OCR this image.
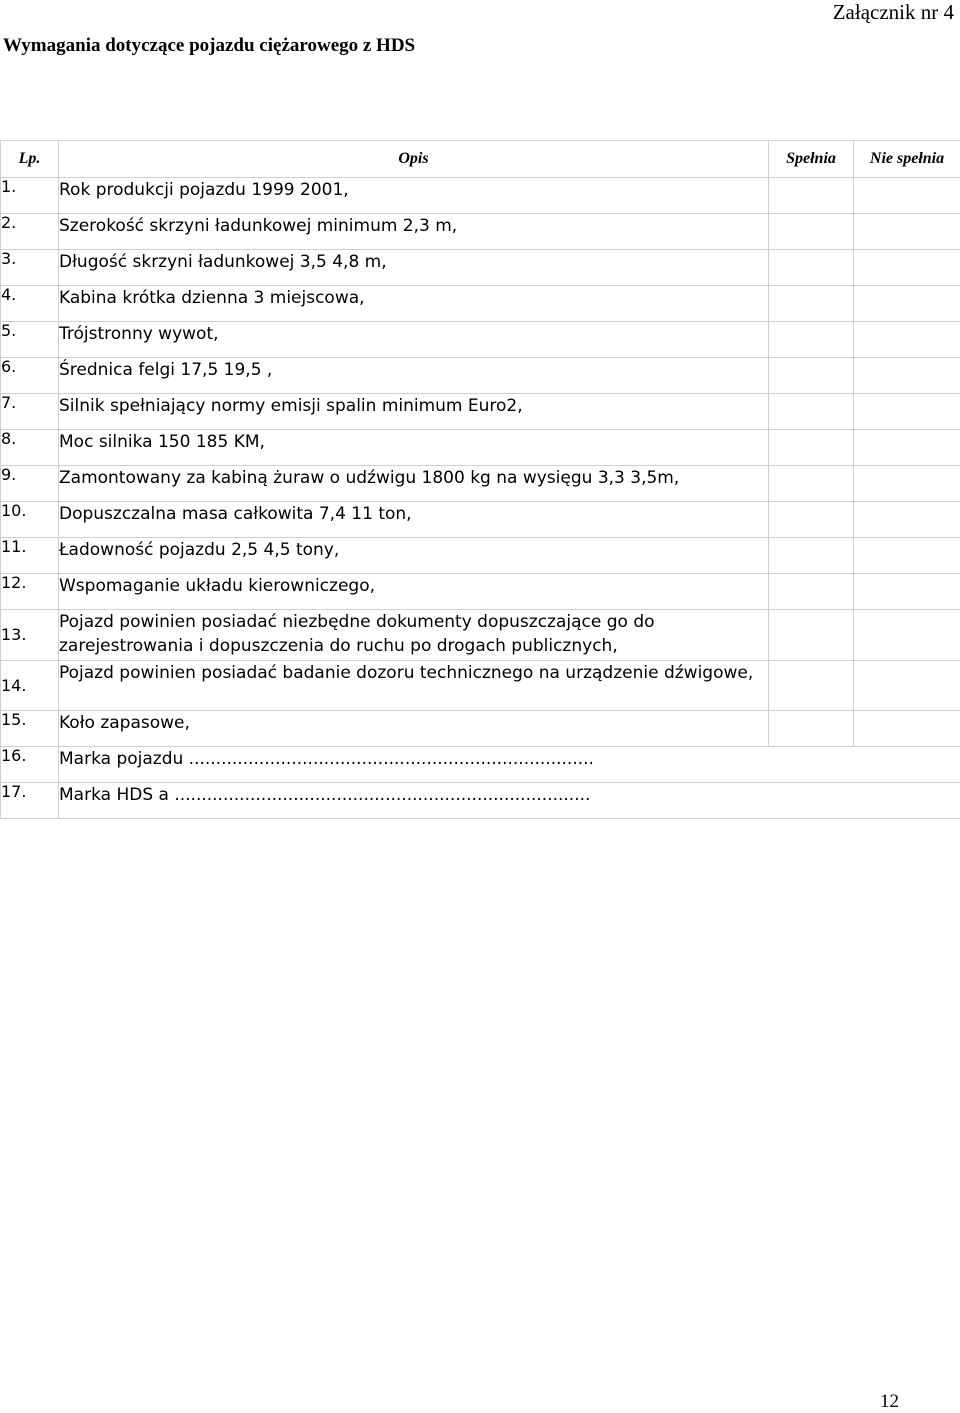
Załącznik nr 4
Wymagania dotyczące pojazdu ciężarowego z HDS
Lp.	Opis	Spełnia	Nie spełnia
1.	Rok produkcji pojazdu 1999 2001,		
2.	Szerokość skrzyni ładunkowej minimum 2,3 m,		
3.	Długość skrzyni ładunkowej 3,5 4,8 m,		
4.	Kabina krótka dzienna 3 miejscowa,		
5.	Trójstronny wywot,		
6.	Średnica felgi 17,5 19,5 ,		
7.	Silnik spełniający normy emisji spalin minimum Euro2,		
8.	Moc silnika 150 185 KM,		
9.	Zamontowany za kabiną żuraw o udźwigu 1800 kg na wysięgu 3,3 3,5m,		
10.	Dopuszczalna masa całkowita 7,4 11 ton,		
11.	Ładowność pojazdu 2,5 4,5 tony,		
12.	Wspomaganie układu kierowniczego,		
13.	Pojazd powinien posiadać niezbędne dokumenty dopuszczające go do zarejestrowania i dopuszczenia do ruchu po drogach publicznych,		
14.	Pojazd powinien posiadać badanie dozoru technicznego na urządzenie dźwigowe,		
15.	Koło zapasowe,		
16.	Marka pojazdu ...........................................................................		
17.	Marka HDS a .............................................................................		
12
